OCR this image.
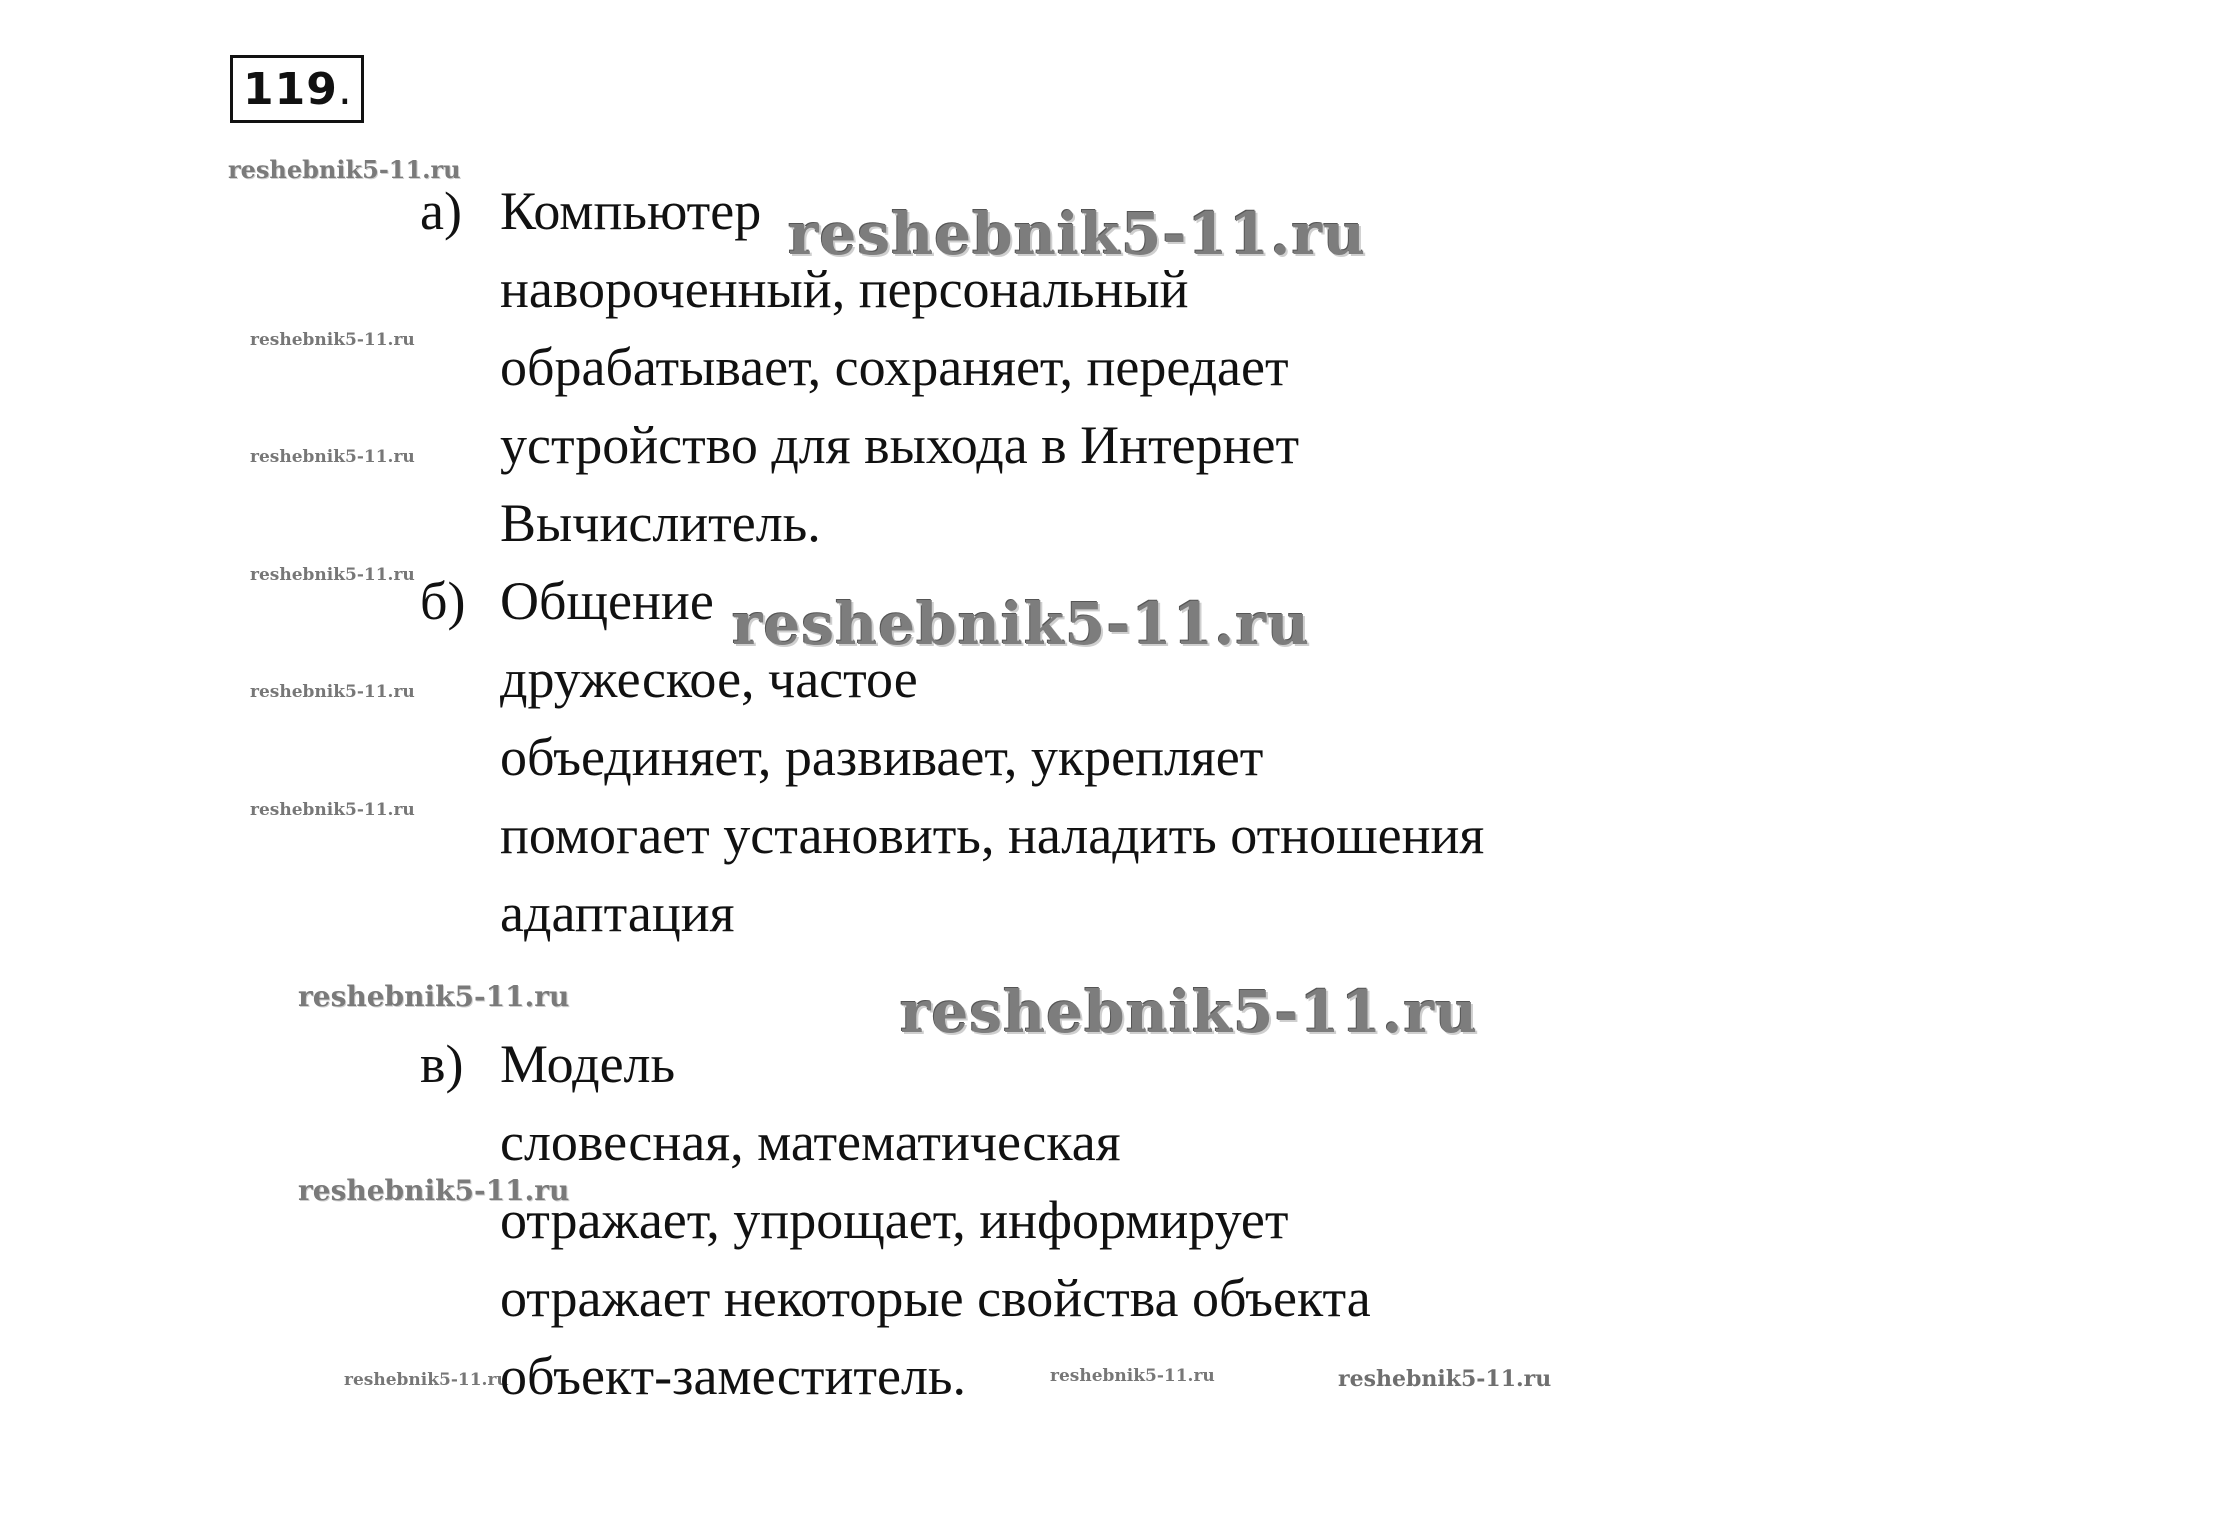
119 .
reshebnik5-11.ru
reshebnik5-11.ru
reshebnik5-11.ru
reshebnik5-11.ru
reshebnik5-11.ru
reshebnik5-11.ru
reshebnik5-11.ru
reshebnik5-11.ru
reshebnik5-11.ru	reshebnik5-11.ru
reshebnik5-11.ru
reshebnik5-11.ru	reshebnik5-11.ru	reshebnik5-11.ru
а) Компьютер
навороченный, персональный
обрабатывает, сохраняет, передает
устройство для выхода в Интернет
Вычислитель.
б) Общение
дружеское, частое
объединяет, развивает, укрепляет
помогает установить, наладить отношения
адаптация
в) Модель
словесная, математическая
отражает, упрощает, информирует
отражает некоторые свойства объекта
объект-заместитель.
